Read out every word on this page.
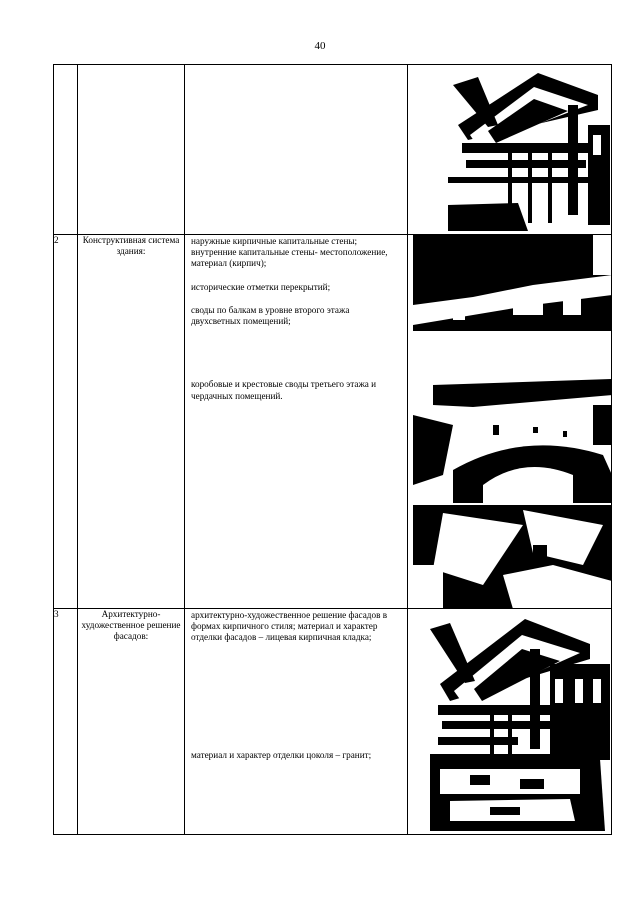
40

2	Конструктивная система здания:	наружные кирпичные капитальные стены; внутренние капитальные стены- местоположение, материал (кирпич);

исторические отметки перекрытий;

своды по балкам в уровне второго этажа двухсветных помещений;

коробовые и крестовые своды третьего этажа и чердачных помещений.

3	Архитектурно-художественное решение фасадов:	архитектурно-художественное решение фасадов в формах кирпичного стиля; материал и характер отделки фасадов – лицевая кирпичная кладка;

материал и характер отделки цоколя – гранит;
